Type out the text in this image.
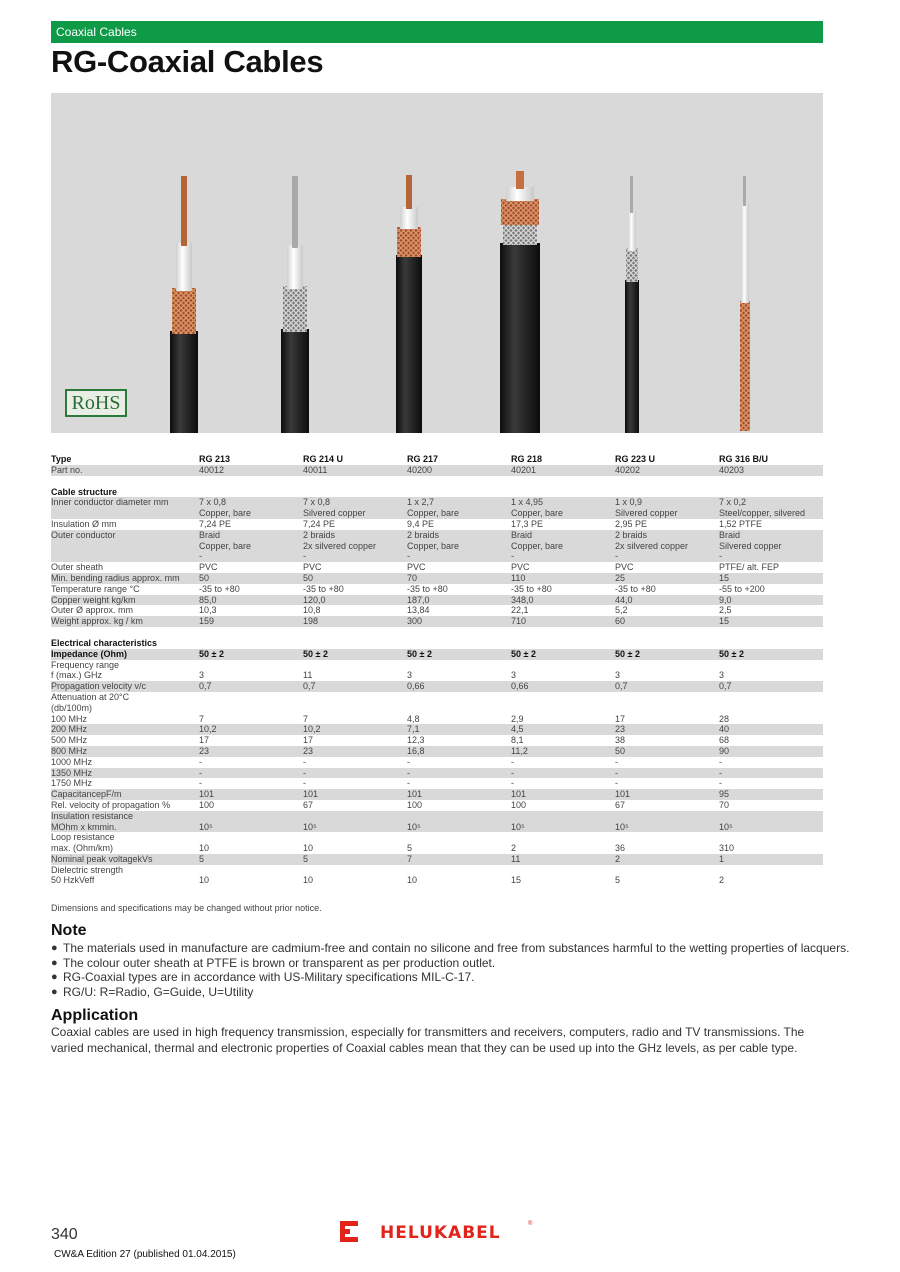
Coaxial Cables
RG-Coaxial Cables
RoHS
Type	RG 213	RG 214 U	RG 217	RG 218	RG 223 U	RG 316 B/U
Part no.	40012	40011	40200	40201	40202	40203
Cable structure						
Inner conductor diameter mm	7 x 0,8	7 x 0,8	1 x 2,7	1 x 4,95	1 x 0,9	7 x 0,2
	Copper, bare	Silvered copper	Copper, bare	Copper, bare	Silvered copper	Steel/copper, silvered
Insulation Ø mm	7,24 PE	7,24 PE	9,4 PE	17,3 PE	2,95 PE	1,52 PTFE
Outer conductor	Braid	2 braids	2 braids	Braid	2 braids	Braid
	Copper, bare	2x silvered copper	Copper, bare	Copper, bare	2x silvered copper	Silvered copper
	-	-	-	-	-	-
Outer sheath	PVC	PVC	PVC	PVC	PVC	PTFE/ alt. FEP
Min. bending radius approx. mm	50	50	70	110	25	15
Temperature range °C	-35 to +80	-35 to +80	-35 to +80	-35 to +80	-35 to +80	-55 to +200
Copper weight kg/km	85,0	120,0	187,0	348,0	44,0	9,0
Outer Ø approx. mm	10,3	10,8	13,84	22,1	5,2	2,5
Weight approx. kg / km	159	198	300	710	60	15
Electrical characteristics						
Impedance (Ohm)	50 ± 2	50 ± 2	50 ± 2	50 ± 2	50 ± 2	50 ± 2
Frequency range						
f (max.) GHz	3	11	3	3	3	3
Propagation velocity v/c	0,7	0,7	0,66	0,66	0,7	0,7
Attenuation at 20°C						
(db/100m)						
100 MHz	7	7	4,8	2,9	17	28
200 MHz	10,2	10,2	7,1	4,5	23	40
500 MHz	17	17	12,3	8,1	38	68
800 MHz	23	23	16,8	11,2	50	90
1000 MHz	-	-	-	-	-	-
1350 MHz	-	-	-	-	-	-
1750 MHz	-	-	-	-	-	-
CapacitancepF/m	101	101	101	101	101	95
Rel. velocity of propagation %	100	67	100	100	67	70
Insulation resistance						
MOhm x kmmin.	10⁵	10⁵	10⁵	10⁵	10⁵	10⁵
Loop resistance						
max. (Ohm/km)	10	10	5	2	36	310
Nominal peak voltagekVs	5	5	7	11	2	1
Dielectric strength						
50 HzkVeff	10	10	10	15	5	2
Dimensions and specifications may be changed without prior notice.
Note
● The materials used in manufacture are cadmium-free and contain no silicone and free from substances harmful to the wetting properties of lacquers.
● The colour outer sheath at PTFE is brown or transparent as per production outlet.
● RG-Coaxial types are in accordance with US-Military specifications MIL-C-17.
● RG/U: R=Radio, G=Guide, U=Utility
Application

Coaxial cables are used in high frequency transmission, especially for transmitters and receivers, computers, radio and TV transmissions. The varied mechanical, thermal and electronic properties of Coaxial cables mean that they can be used up into the GHz levels, as per cable type.

340	HELUKABEL	®
CW&A Edition 27 (published 01.04.2015)
